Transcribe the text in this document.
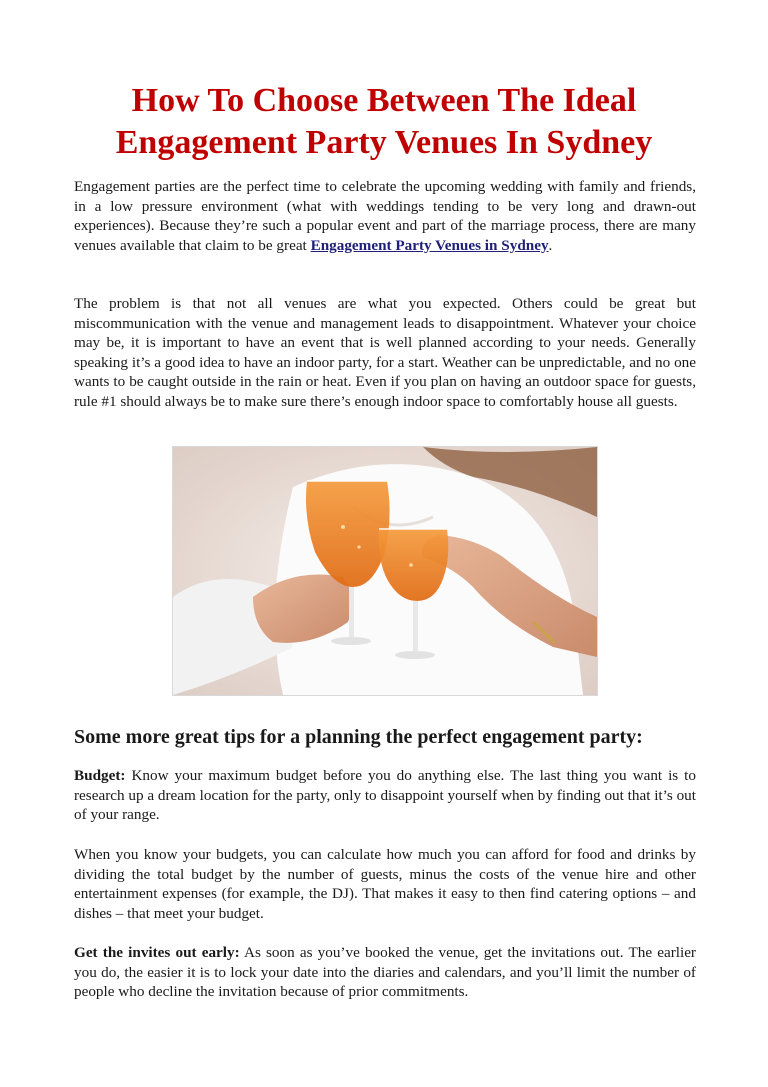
How To Choose Between The Ideal Engagement Party Venues In Sydney

Engagement parties are the perfect time to celebrate the upcoming wedding with family and friends, in a low pressure environment (what with weddings tending to be very long and drawn-out experiences). Because they’re such a popular event and part of the marriage process, there are many venues available that claim to be great Engagement Party Venues in Sydney.

The problem is that not all venues are what you expected. Others could be great but miscommunication with the venue and management leads to disappointment. Whatever your choice may be, it is important to have an event that is well planned according to your needs. Generally speaking it’s a good idea to have an indoor party, for a start. Weather can be unpredictable, and no one wants to be caught outside in the rain or heat. Even if you plan on having an outdoor space for guests, rule #1 should always be to make sure there’s enough indoor space to comfortably house all guests.

Some more great tips for a planning the perfect engagement party:

Budget: Know your maximum budget before you do anything else. The last thing you want is to research up a dream location for the party, only to disappoint yourself when by finding out that it’s out of your range.

When you know your budgets, you can calculate how much you can afford for food and drinks by dividing the total budget by the number of guests, minus the costs of the venue hire and other entertainment expenses (for example, the DJ). That makes it easy to then find catering options – and dishes – that meet your budget.

Get the invites out early: As soon as you’ve booked the venue, get the invitations out. The earlier you do, the easier it is to lock your date into the diaries and calendars, and you’ll limit the number of people who decline the invitation because of prior commitments.
